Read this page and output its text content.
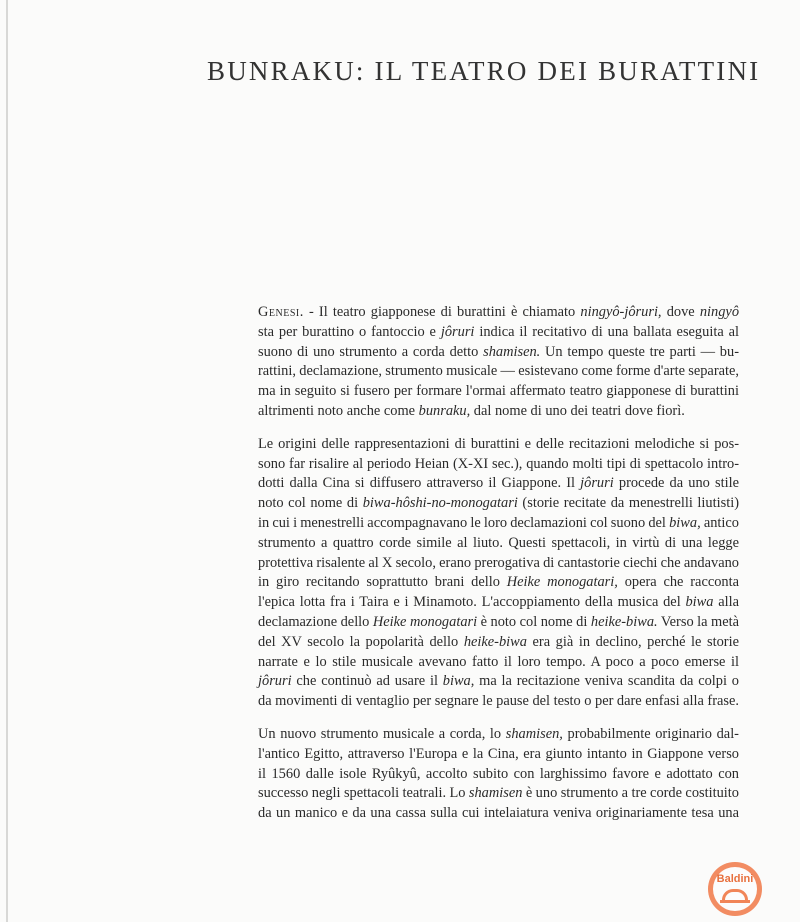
BUNRAKU: IL TEATRO DEI BURATTINI
Genesi. - Il teatro giapponese di burattini è chiamato ningyô-jôruri, dove ningyô
sta per burattino o fantoccio e jôruri indica il recitativo di una ballata eseguita al
suono di uno strumento a corda detto shamisen. Un tempo queste tre parti — bu-
rattini, declamazione, strumento musicale — esistevano come forme d'arte separate,
ma in seguito si fusero per formare l'ormai affermato teatro giapponese di burattini
altrimenti noto anche come bunraku, dal nome di uno dei teatri dove fiorì.
Le origini delle rappresentazioni di burattini e delle recitazioni melodiche si pos-
sono far risalire al periodo Heian (X-XI sec.), quando molti tipi di spettacolo intro-
dotti dalla Cina si diffusero attraverso il Giappone. Il jôruri procede da uno stile
noto col nome di biwa-hôshi-no-monogatari (storie recitate da menestrelli liutisti)
in cui i menestrelli accompagnavano le loro declamazioni col suono del biwa, antico
strumento a quattro corde simile al liuto. Questi spettacoli, in virtù di una legge
protettiva risalente al X secolo, erano prerogativa di cantastorie ciechi che andavano
in giro recitando soprattutto brani dello Heike monogatari, opera che racconta
l'epica lotta fra i Taira e i Minamoto. L'accoppiamento della musica del biwa alla
declamazione dello Heike monogatari è noto col nome di heike-biwa. Verso la metà
del XV secolo la popolarità dello heike-biwa era già in declino, perché le storie
narrate e lo stile musicale avevano fatto il loro tempo. A poco a poco emerse il
jôruri che continuò ad usare il biwa, ma la recitazione veniva scandita da colpi o
da movimenti di ventaglio per segnare le pause del testo o per dare enfasi alla frase.
Un nuovo strumento musicale a corda, lo shamisen, probabilmente originario dal-
l'antico Egitto, attraverso l'Europa e la Cina, era giunto intanto in Giappone verso
il 1560 dalle isole Ryûkyû, accolto subito con larghissimo favore e adottato con
successo negli spettacoli teatrali. Lo shamisen è uno strumento a tre corde costituito
da un manico e da una cassa sulla cui intelaiatura veniva originariamente tesa una
Baldini
